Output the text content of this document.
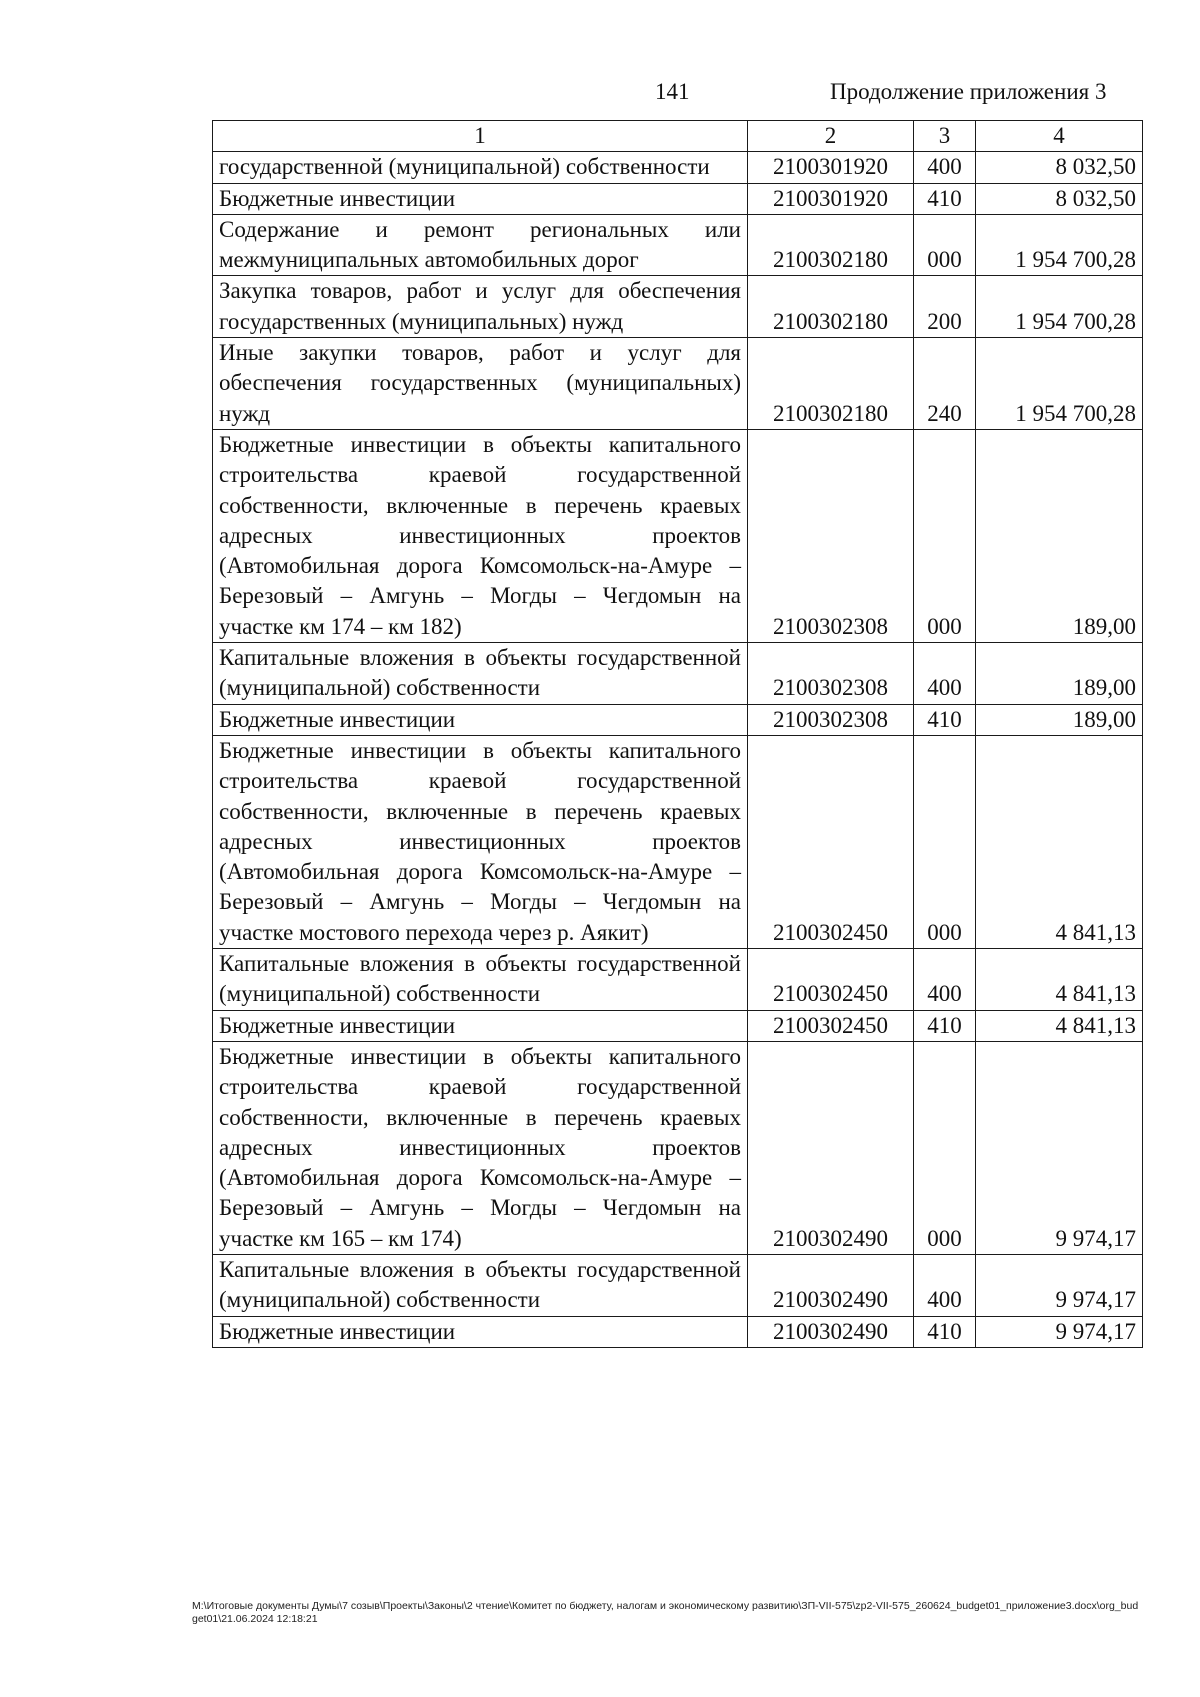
141	Продолжение приложения 3
1	2	3	4
государственной (муниципальной) собственности	2100301920	400	8 032,50
Бюджетные инвестиции	2100301920	410	8 032,50
Содержание и ремонт региональных или межмуниципальных автомобильных дорог	2100302180	000	1 954 700,28
Закупка товаров, работ и услуг для обеспечения государственных (муниципальных) нужд	2100302180	200	1 954 700,28
Иные закупки товаров, работ и услуг для обеспечения государственных (муниципальных) нужд	2100302180	240	1 954 700,28
Бюджетные инвестиции в объекты капитального строительства краевой государственной собственности, включенные в перечень краевых адресных инвестиционных проектов (Автомобильная дорога Комсомольск-на-Амуре – Березовый – Амгунь – Могды – Чегдомын на участке км 174 – км 182)	2100302308	000	189,00
Капитальные вложения в объекты государственной (муниципальной) собственности	2100302308	400	189,00
Бюджетные инвестиции	2100302308	410	189,00
Бюджетные инвестиции в объекты капитального строительства краевой государственной собственности, включенные в перечень краевых адресных инвестиционных проектов (Автомобильная дорога Комсомольск-на-Амуре – Березовый – Амгунь – Могды – Чегдомын на участке мостового перехода через р. Аякит)	2100302450	000	4 841,13
Капитальные вложения в объекты государственной (муниципальной) собственности	2100302450	400	4 841,13
Бюджетные инвестиции	2100302450	410	4 841,13
Бюджетные инвестиции в объекты капитального строительства краевой государственной собственности, включенные в перечень краевых адресных инвестиционных проектов (Автомобильная дорога Комсомольск-на-Амуре – Березовый – Амгунь – Могды – Чегдомын на участке км 165 – км 174)	2100302490	000	9 974,17
Капитальные вложения в объекты государственной (муниципальной) собственности	2100302490	400	9 974,17
Бюджетные инвестиции	2100302490	410	9 974,17
M:\Итоговые документы Думы\7 созыв\Проекты\Законы\2 чтение\Комитет по бюджету, налогам и экономическому развитию\ЗП-VII-575\zp2-VII-575_260624_budget01_приложение3.docx\org_budget01\21.06.2024 12:18:21
